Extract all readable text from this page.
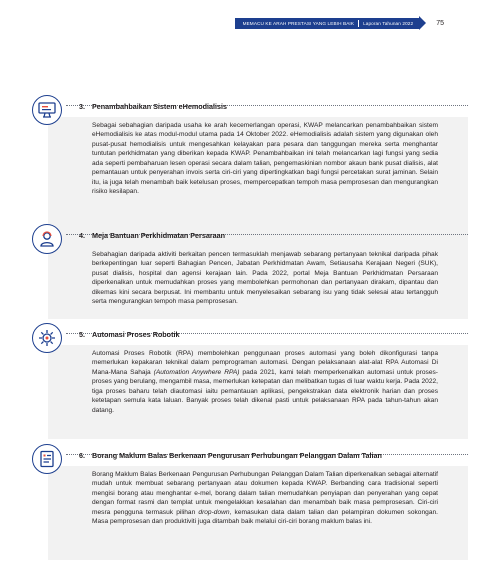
MEMACU KE ARAH PRESTASI YANG LEBIH BAIK Laporan Tahunan 2022	75
3. Penambahbaikan Sistem eHemodialisis
Sebagai sebahagian daripada usaha ke arah kecemerlangan operasi, KWAP melancarkan penambahbaikan sistem eHemodialisis ke atas modul-modul utama pada 14 Oktober 2022. eHemodialisis adalah sistem yang digunakan oleh pusat-pusat hemodialisis untuk mengesahkan kelayakan para pesara dan tanggungan mereka serta menghantar tuntutan perkhidmatan yang diberikan kepada KWAP. Penambahbaikan ini telah melancarkan lagi fungsi yang sedia ada seperti pembaharuan lesen operasi secara dalam talian, pengemaskinian nombor akaun bank pusat dialisis, alat pemantauan untuk penyerahan invois serta ciri-ciri yang dipertingkatkan bagi fungsi percetakan surat jaminan. Selain itu, ia juga telah menambah baik ketelusan proses, mempercepatkan tempoh masa pemprosesan dan mengurangkan risiko kesilapan.
4. Meja Bantuan Perkhidmatan Persaraan
Sebahagian daripada aktiviti berkaitan pencen termasuklah menjawab sebarang pertanyaan teknikal daripada pihak berkepentingan luar seperti Bahagian Pencen, Jabatan Perkhidmatan Awam, Setiausaha Kerajaan Negeri (SUK), pusat dialisis, hospital dan agensi kerajaan lain. Pada 2022, portal Meja Bantuan Perkhidmatan Persaraan diperkenalkan untuk memudahkan proses yang membolehkan permohonan dan pertanyaan dirakam, dipantau dan dikemas kini secara berpusat. Ini membantu untuk menyelesaikan sebarang isu yang tidak selesai atau tertangguh serta mengurangkan tempoh masa pemprosesan.
5. Automasi Proses Robotik
Automasi Proses Robotik (RPA) membolehkan penggunaan proses automasi yang boleh dikonfigurasi tanpa memerlukan kepakaran teknikal dalam pemprograman automasi. Dengan pelaksanaan alat-alat RPA Automasi Di Mana-Mana Sahaja (Automation Anywhere RPA) pada 2021, kami telah memperkenalkan automasi untuk proses-proses yang berulang, mengambil masa, memerlukan ketepatan dan melibatkan tugas di luar waktu kerja. Pada 2022, tiga proses baharu telah diautomasi iaitu pemantauan aplikasi, pengekstrakan data elektronik harian dan proses ketetapan semula kata laluan. Banyak proses telah dikenal pasti untuk pelaksanaan RPA pada tahun-tahun akan datang.
6. Borang Maklum Balas Berkenaan Pengurusan Perhubungan Pelanggan Dalam Talian
Borang Maklum Balas Berkenaan Pengurusan Perhubungan Pelanggan Dalam Talian diperkenalkan sebagai alternatif mudah untuk membuat sebarang pertanyaan atau dokumen kepada KWAP. Berbanding cara tradisional seperti mengisi borang atau menghantar e-mel, borang dalam talian memudahkan penyiapan dan penyerahan yang cepat dengan format rasmi dan templat untuk mengelakkan kesalahan dan menambah baik masa pemprosesan. Ciri-ciri mesra pengguna termasuk pilihan drop-down, kemasukan data dalam talian dan pelampiran dokumen sokongan. Masa pemprosesan dan produktiviti juga ditambah baik melalui ciri-ciri borang maklum balas ini.
